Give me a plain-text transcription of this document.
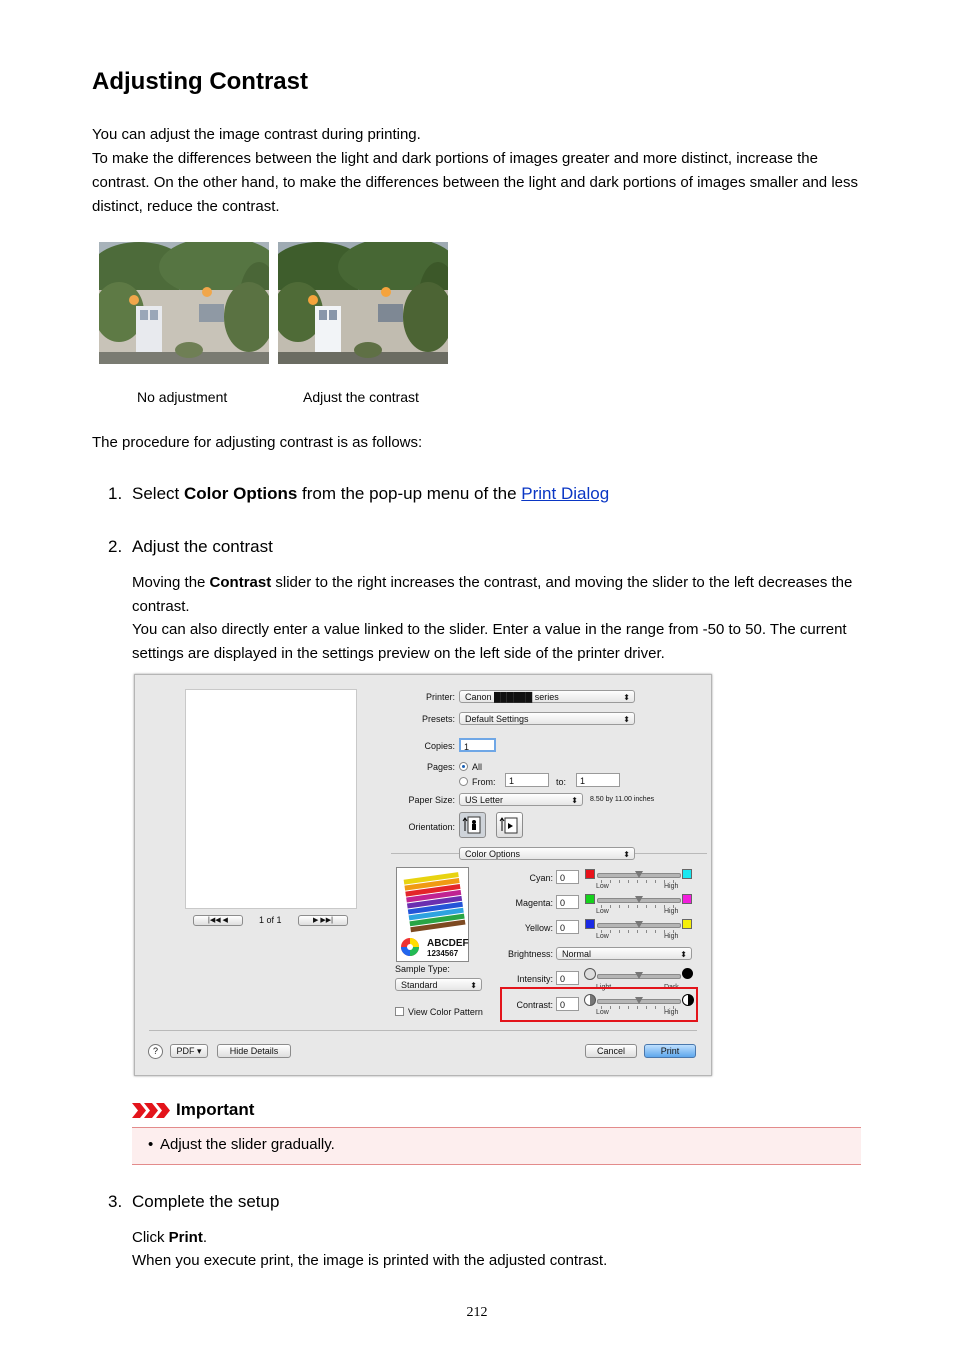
Adjusting Contrast

You can adjust the image contrast during printing.

To make the differences between the light and dark portions of images greater and more distinct, increase the contrast. On the other hand, to make the differences between the light and dark portions of images smaller and less distinct, reduce the contrast.

No adjustment	Adjust the contrast

The procedure for adjusting contrast is as follows:

1. Select Color Options from the pop-up menu of the Print Dialog
2. Adjust the contrast

Moving the Contrast slider to the right increases the contrast, and moving the slider to the left decreases the contrast.

You can also directly enter a value linked to the slider. Enter a value in the range from -50 to 50. The current settings are displayed in the settings preview on the left side of the printer driver.

|◀◀ ◀	1 of 1	▶ ▶▶|
Printer:	Canon ██████ series	⬍
Presets:	Default Settings	⬍
Copies:	1
Pages: All
From:	1	to:	1
Paper Size:	US Letter	⬍ 8.50 by 11.00 inches
Orientation:
Color Options	⬍
ABCDEF
1234567
Sample Type:
Standard	⬍
View Color Pattern
Cyan: 0
Low	High
Magenta: 0
Low	High
Yellow: 0
Low	High
Brightness:	Normal	⬍
Intensity: 0
Light	Dark
Contrast: 0
Low	High
?	PDF ▾	Hide Details	Cancel	Print
Important
• Adjust the slider gradually.
3. Complete the setup

Click Print.

When you execute print, the image is printed with the adjusted contrast.

212
